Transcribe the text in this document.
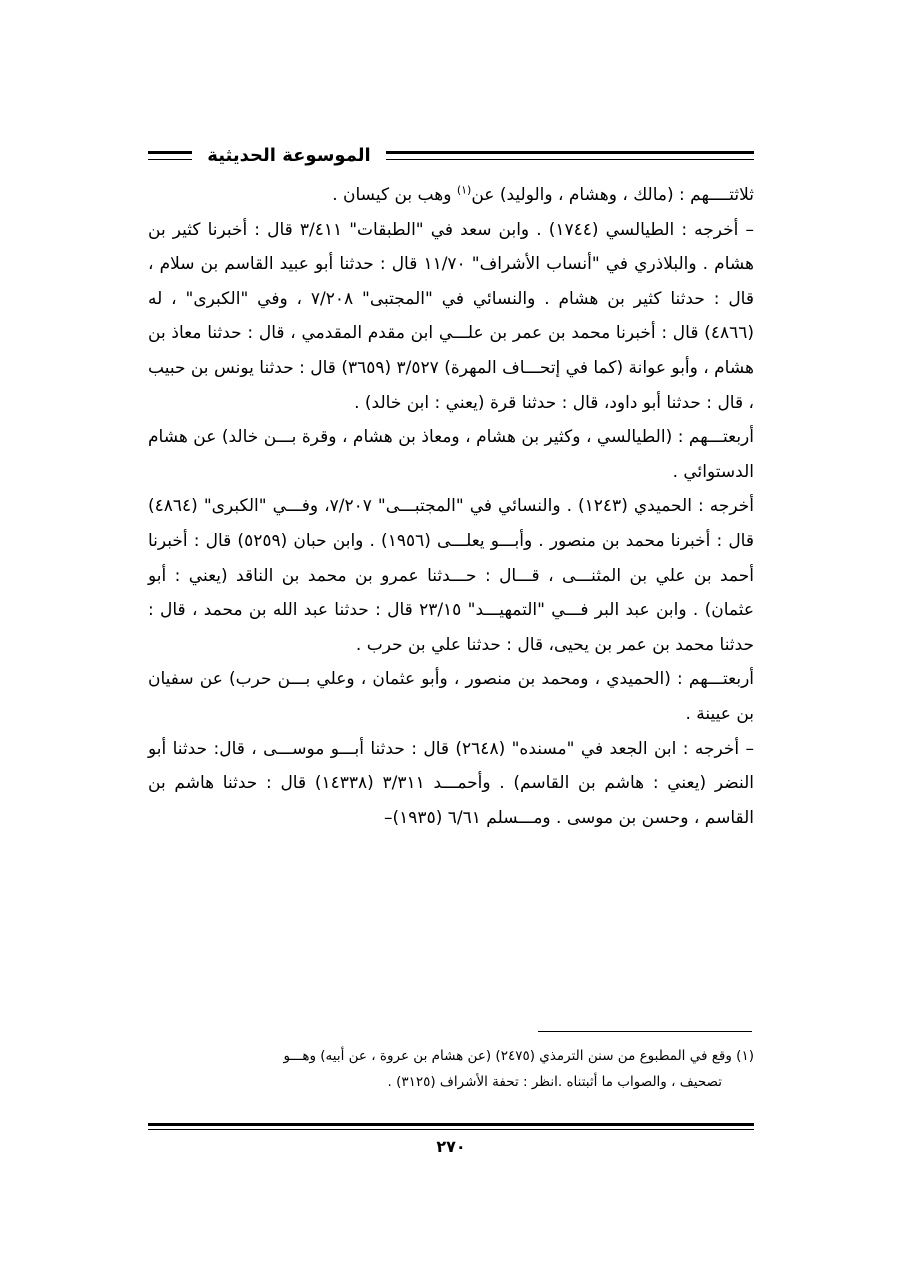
الموسوعة الحديثية

ثلاثتــــهم : (مالك ، وهشام ، والوليد) عن$^{(١)}$ وهب بن كيسان .

– أخرجه : الطيالسي (١٧٤٤) . وابن سعد في "الطبقات" ٣/٤١١ قال : أخبرنا كثير بن هشام . والبلاذري في "أنساب الأشراف" ١١/٧٠ قال : حدثنا أبو عبيد القاسم بن سلام ، قال : حدثنا كثير بن هشام . والنسائي في "المجتبى" ٧/٢٠٨ ، وفي "الكبرى" ، له (٤٨٦٦) قال : أخبرنا محمد بن عمر بن علـــي ابن مقدم المقدمي ، قال : حدثنا معاذ بن هشام ، وأبو عوانة (كما في إتحـــاف المهرة) ٣/٥٢٧ (٣٦٥٩) قال : حدثنا يونس بن حبيب ، قال : حدثنا أبو داود، قال : حدثنا قرة (يعني : ابن خالد) .

أربعتـــهم : (الطيالسي ، وكثير بن هشام ، ومعاذ بن هشام ، وقرة بـــن خالد) عن هشام الدستوائي .

أخرجه : الحميدي (١٢٤٣) . والنسائي في "المجتبـــى" ٧/٢٠٧، وفـــي "الكبرى" (٤٨٦٤) قال : أخبرنا محمد بن منصور . وأبـــو يعلـــى (١٩٥٦) . وابن حبان (٥٢٥٩) قال : أخبرنا أحمد بن علي بن المثنـــى ، قـــال : حـــدثنا عمرو بن محمد بن الناقد (يعني : أبو عثمان) . وابن عبد البر فـــي "التمهيـــد" ٢٣/١٥ قال : حدثنا عبد الله بن محمد ، قال : حدثنا محمد بن عمر بن يحيى، قال : حدثنا علي بن حرب .

أربعتـــهم : (الحميدي ، ومحمد بن منصور ، وأبو عثمان ، وعلي بـــن حرب) عن سفيان بن عيينة .

– أخرجه : ابن الجعد في "مسنده" (٢٦٤٨) قال : حدثنا أبـــو موســـى ، قال: حدثنا أبو النضر (يعني : هاشم بن القاسم) . وأحمـــد ٣/٣١١ (١٤٣٣٨) قال : حدثنا هاشم بن القاسم ، وحسن بن موسى . ومـــسلم ٦/٦١ (١٩٣٥)–

(١) وقع في المطبوع من سنن الترمذي (٢٤٧٥) (عن هشام بن عروة ، عن أبيه) وهـــو

تصحيف ، والصواب ما أثبتناه .انظر : تحفة الأشراف (٣١٢٥) .

٢٧٠
